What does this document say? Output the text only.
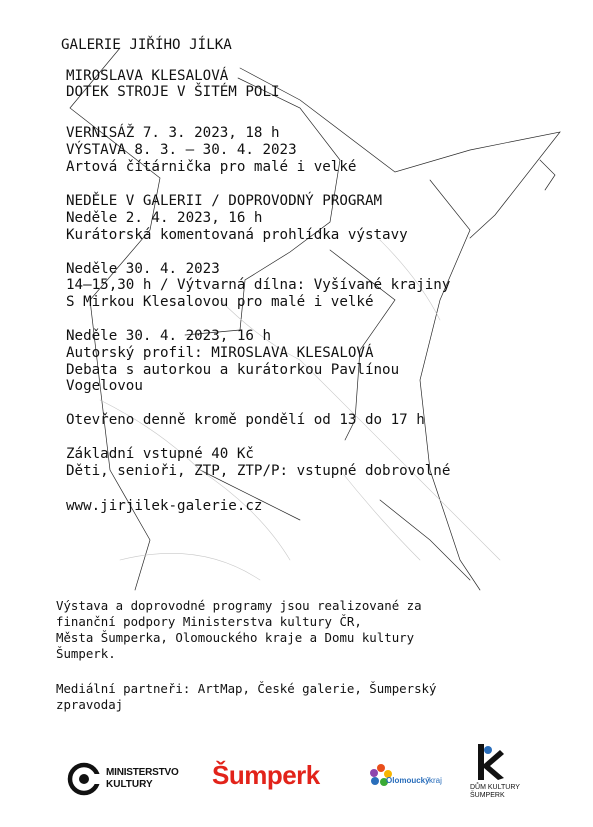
GALERIE JIŘÍHO JÍLKA
MIROSLAVA KLESALOVÁ
DOTEK STROJE V ŠITÉM POLI
VERNISÁŽ 7. 3. 2023, 18 h
VÝSTAVA 8. 3. – 30. 4. 2023
Artová čítárnička pro malé i velké
NEDĚLE V GALERII / DOPROVODNÝ PROGRAM
Neděle 2. 4. 2023, 16 h
Kurátorská komentovaná prohlídka výstavy
Neděle 30. 4. 2023
14–15,30 h / Výtvarná dílna: Vyšívané krajiny
S Mirkou Klesalovou pro malé i velké
Neděle 30. 4. 2023, 16 h
Autorský profil: MIROSLAVA KLESALOVÁ
Debata s autorkou a kurátorkou Pavlínou
Vogelovou
Otevřeno denně kromě pondělí od 13 do 17 h
Základní vstupné 40 Kč
Děti, senioři, ZTP, ZTP/P: vstupné dobrovolné
www.jirjilek-galerie.cz
Výstava a doprovodné programy jsou realizované za
finanční podpory Ministerstva kultury ČR,
Města Šumperka, Olomouckého kraje a Domu kultury
Šumperk.
Mediální partneři: ArtMap, České galerie, Šumperský
zpravodaj
MINISTERSTVO
KULTURY Šumperk	Olomoucký kraj
DŮM KULTURY
ŠUMPERK
